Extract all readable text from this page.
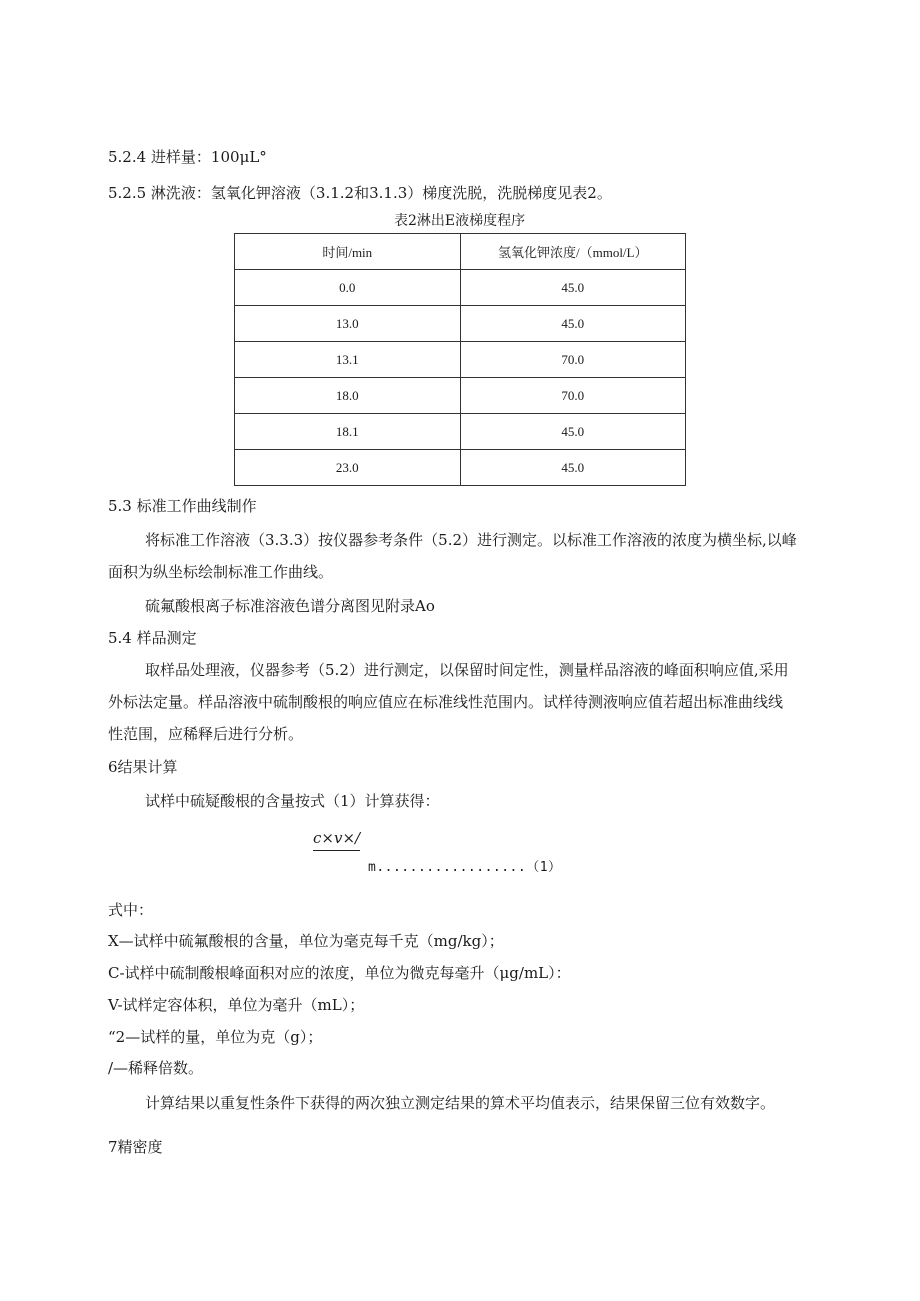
5.2.4 进样量：100μL°
5.2.5 淋洗液：氢氧化钾溶液（3.1.2和3.1.3）梯度洗脱，洗脱梯度见表2。
表2淋出E液梯度程序
时间/min	氢氧化钾浓度/（mmol/L）
0.0	45.0
13.0	45.0
13.1	70.0
18.0	70.0
18.1	45.0
23.0	45.0
5.3 标准工作曲线制作
将标准工作溶液（3.3.3）按仪器参考条件（5.2）进行测定。以标准工作溶液的浓度为横坐标,以峰
面积为纵坐标绘制标准工作曲线。
硫氟酸根离子标准溶液色谱分离图见附录Ao
5.4 样品测定
取样品处理液，仪器参考（5.2）进行测定，以保留时间定性，测量样品溶液的峰面积响应值,采用
外标法定量。样品溶液中硫制酸根的响应值应在标准线性范围内。试样待测液响应值若超出标准曲线线
性范围，应稀释后进行分析。
6结果计算
试样中硫疑酸根的含量按式（1）计算获得：
c×v×/
m..................（1）
式中：
X—试样中硫氟酸根的含量，单位为毫克每千克（mg/kg）；
C-试样中硫制酸根峰面积对应的浓度，单位为微克每毫升（μg/mL）：
V-试样定容体积，单位为毫升（mL）；
“2—试样的量，单位为克（g）；
/—稀释倍数。
计算结果以重复性条件下获得的两次独立测定结果的算术平均值表示，结果保留三位有效数字。
7精密度
